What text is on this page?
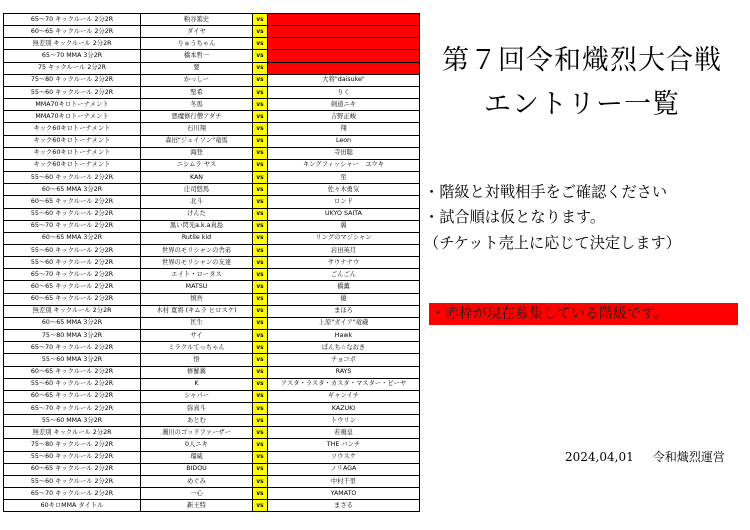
65～70 キックルール 2分2R	粕谷篤史	vs	
60～65 キックルール 2分2R	ダイヤ	vs	
無差別 キックルール 2分2R	りゅうちゃん	vs	
65～70 MMA 3分2R	橋本哲一	vs	
75 キックルール 2分2R	要	vs	
75～80 キックルール 2分2R	かっしー	vs	大将"daisuke"
55～60 キックルール 2分2R	聖希	vs	りく
MMA70キロトーナメント	冬馬	vs	剣道ニキ
MMA70キロトーナメント	悪魔修行僧アダチ	vs	吉野正峻
キック60キロトーナメント	石川翔	vs	翔
キック60キロトーナメント	森田"ジェイソン"竜馬	vs	Leon
キック60キロトーナメント	海登	vs	寺田聡
キック60キロトーナメント	ニシムラ ヤス	vs	キングフィッシャー　ユウキ
55～60 キックルール 2分2R	KAN	vs	至
60～65 MMA 3分2R	庄司悠馬	vs	佐々木勇気
60～65 キックルール 2分2R	北斗	vs	ロンド
55～60 キックルール 2分2R	けんた	vs	UKYO SAITA
65～70 キックルール 2分2R	黒い閃光a.k.a真島	vs	翼
60～65 MMA 3分2R	Rutile kid	vs	リングのマジシャン
55～60 キックルール 2分2R	世界のモリシャンの舎弟	vs	岩田英月
55～60 キックルール 2分2R	世界のモリシャンの友達	vs	サウナナウ
65～70 キックルール 2分2R	エイト・ロータス	vs	ごんごん
60～65 キックルール 2分2R	MATSU	vs	橋薫
60～65 キックルール 2分2R	慎吾	vs	優
無差別 キックルール 2分2R	木村 寛将 (キムラ ヒロスケ)	vs	まほろ
60～65 MMA 3分2R	匡生	vs	上原"ガイア"竜蔵
75～80 MMA 3分2R	サイ	vs	Hawk
65～70 キックルール 2分2R	ミラクルてっちゃん	vs	ぱんち☆なおき
55～60 MMA 3分2R	悟	vs	チョコボ
60～65 キックルール 2分2R	修羅翼	vs	RAYS
55～60 キックルール 2分2R	K	vs	アスタ・ラスタ・カスタ・マスター・ピーヤ
60～65 キックルール 2分2R	シャパー	vs	ギャンイチ
65～70 キックルール 2分2R	弥真斗	vs	KAZUKI
55～60 MMA 3分2R	あとむ	vs	トウリン
無差別 キックルール 2分2R	濁川のゴッドファーザー	vs	若鶏皇
75～80 キックルール 2分2R	0人ニキ	vs	THE バンチ
55～60 キックルール 2分2R	瑠威	vs	ソウスケ
60～65 キックルール 2分2R	BIDOU	vs	ノリAGA
55～60 キックルール 2分2R	めぐみ	vs	中村千里
65～70 キックルール 2分2R	一心	vs	YAMATO
60キロMMA タイトル	新王特	vs	まさる
第７回令和熾烈大合戦
エントリー一覧
・階級と対戦相手をご確認ください
・試合順は仮となります。
（チケット売上に応じて決定します）
・赤枠が現在募集している階級です。
2024,04,01 令和熾烈運営
